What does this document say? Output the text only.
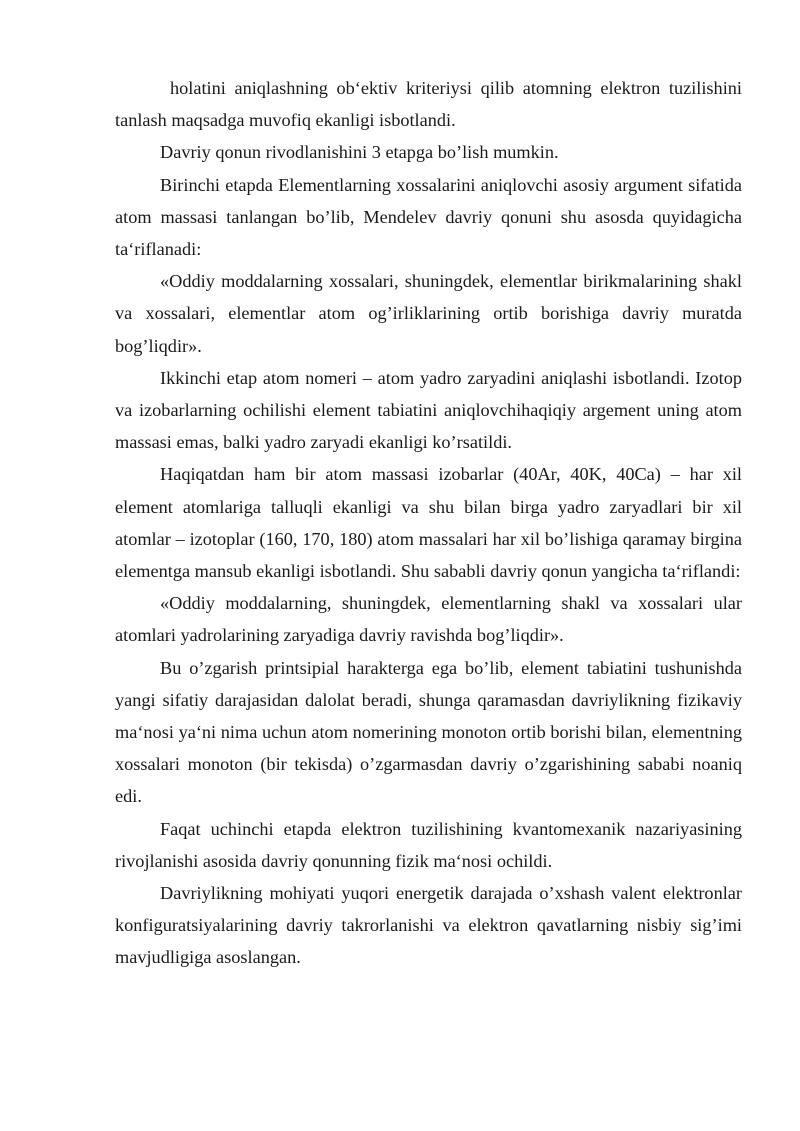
holatini aniqlashning ob‘ektiv kriteriysi qilib atomning elektron tuzilishini tanlash maqsadga muvofiq ekanligi isbotlandi.

Davriy qonun rivodlanishini 3 etapga bo’lish mumkin.

Birinchi etapda Elementlarning xossalarini aniqlovchi asosiy argument sifatida atom massasi tanlangan bo’lib, Mendelev davriy qonuni shu asosda quyidagicha ta‘riflanadi:

«Oddiy moddalarning xossalari, shuningdek, elementlar birikmalarining shakl va xossalari, elementlar atom og’irliklarining ortib borishiga davriy muratda bog’liqdir».

Ikkinchi etap atom nomeri – atom yadro zaryadini aniqlashi isbotlandi. Izotop va izobarlarning ochilishi element tabiatini aniqlovchihaqiqiy argement uning atom massasi emas, balki yadro zaryadi ekanligi ko’rsatildi.

Haqiqatdan ham bir atom massasi izobarlar (40Ar, 40K, 40Ca) – har xil element atomlariga talluqli ekanligi va shu bilan birga yadro zaryadlari bir xil atomlar – izotoplar (160, 170, 180) atom massalari har xil bo’lishiga qaramay birgina elementga mansub ekanligi isbotlandi. Shu sababli davriy qonun yangicha ta‘riflandi:

«Oddiy moddalarning, shuningdek, elementlarning shakl va xossalari ular atomlari yadrolarining zaryadiga davriy ravishda bog’liqdir».

Bu o’zgarish printsipial harakterga ega bo’lib, element tabiatini tushunishda yangi sifatiy darajasidan dalolat beradi, shunga qaramasdan davriylikning fizikaviy ma‘nosi ya‘ni nima uchun atom nomerining monoton ortib borishi bilan, elementning xossalari monoton (bir tekisda) o’zgarmasdan davriy o’zgarishining sababi noaniq edi.

Faqat uchinchi etapda elektron tuzilishining kvantomexanik nazariyasining rivojlanishi asosida davriy qonunning fizik ma‘nosi ochildi.

Davriylikning mohiyati yuqori energetik darajada o’xshash valent elektronlar konfiguratsiyalarining davriy takrorlanishi va elektron qavatlarning nisbiy sig’imi mavjudligiga asoslangan.
